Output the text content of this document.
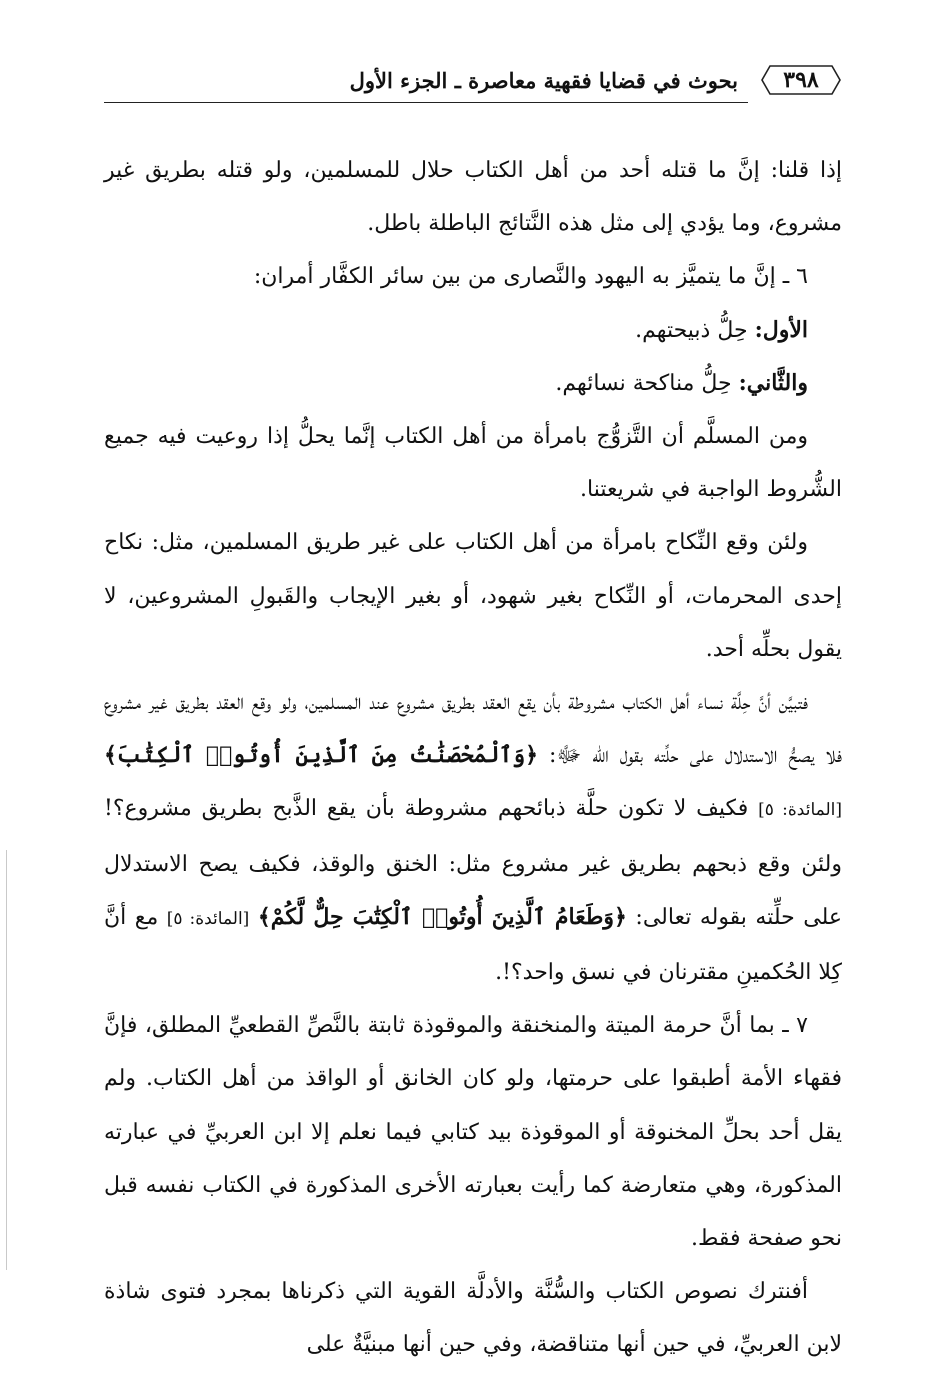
٣٩٨
بحوث في قضايا فقهية معاصرة ـ الجزء الأول

إذا قلنا: إنَّ ما قتله أحد من أهل الكتاب حلال للمسلمين، ولو قتله بطريق غير مشروع، وما يؤدي إلى مثل هذه النَّتائج الباطلة باطل.

٦ ـ إنَّ ما يتميَّز به اليهود والنَّصارى من بين سائر الكفَّار أمران:

الأول: حِلُّ ذبيحتهم.

والثَّاني: حِلُّ مناكحة نسائهم.

ومن المسلَّم أن التَّزوُّج بامرأة من أهل الكتاب إنَّما يحلُّ إذا روعيت فيه جميع الشُّروط الواجبة في شريعتنا.

ولئن وقع النِّكاح بامرأة من أهل الكتاب على غير طريق المسلمين، مثل: نكاح إحدى المحرمات، أو النِّكاح بغير شهود، أو بغير الإيجاب والقَبولِ المشروعين، لا يقول بحلِّه أحد.

فتبيَّن أنَّ حِلَّة نساء أهل الكتاب مشروطة بأن يقع العقد بطريق مشروع عند المسلمين، ولو وقع العقد بطريق غير مشروع فلا يصحُّ الاستدلال على حلِّته بقول الله ﷻ: ﴿وَٱلْمُحْصَنَٰتُ مِنَ ٱلَّذِينَ أُوتُوا۟ ٱلْكِتَٰبَ﴾ [المائدة: ٥] فكيف لا تكون حلَّة ذبائحهم مشروطة بأن يقع الذَّبح بطريق مشروع؟! ولئن وقع ذبحهم بطريق غير مشروع مثل: الخنق والوقذ، فكيف يصح الاستدلال على حلِّته بقوله تعالى: ﴿وَطَعَامُ ٱلَّذِينَ أُوتُوا۟ ٱلْكِتَٰبَ حِلٌّ لَّكُمْ﴾ [المائدة: ٥] مع أنَّ كِلا الحُكمينِ مقترنان في نسق واحد؟!.

٧ ـ بما أنَّ حرمة الميتة والمنخنقة والموقوذة ثابتة بالنَّصِّ القطعيِّ المطلق، فإنَّ فقهاء الأمة أطبقوا على حرمتها، ولو كان الخانق أو الواقذ من أهل الكتاب. ولم يقل أحد بحلِّ المخنوقة أو الموقوذة بيد كتابي فيما نعلم إلا ابن العربيِّ في عبارته المذكورة، وهي متعارضة كما رأيت بعبارته الأخرى المذكورة في الكتاب نفسه قبل نحو صفحة فقط.

أفنترك نصوص الكتاب والسُّنَّة والأدلَّة القوية التي ذكرناها بمجرد فتوى شاذة لابن العربيِّ، في حين أنها متناقضة، وفي حين أنها مبنيَّةٌ على
